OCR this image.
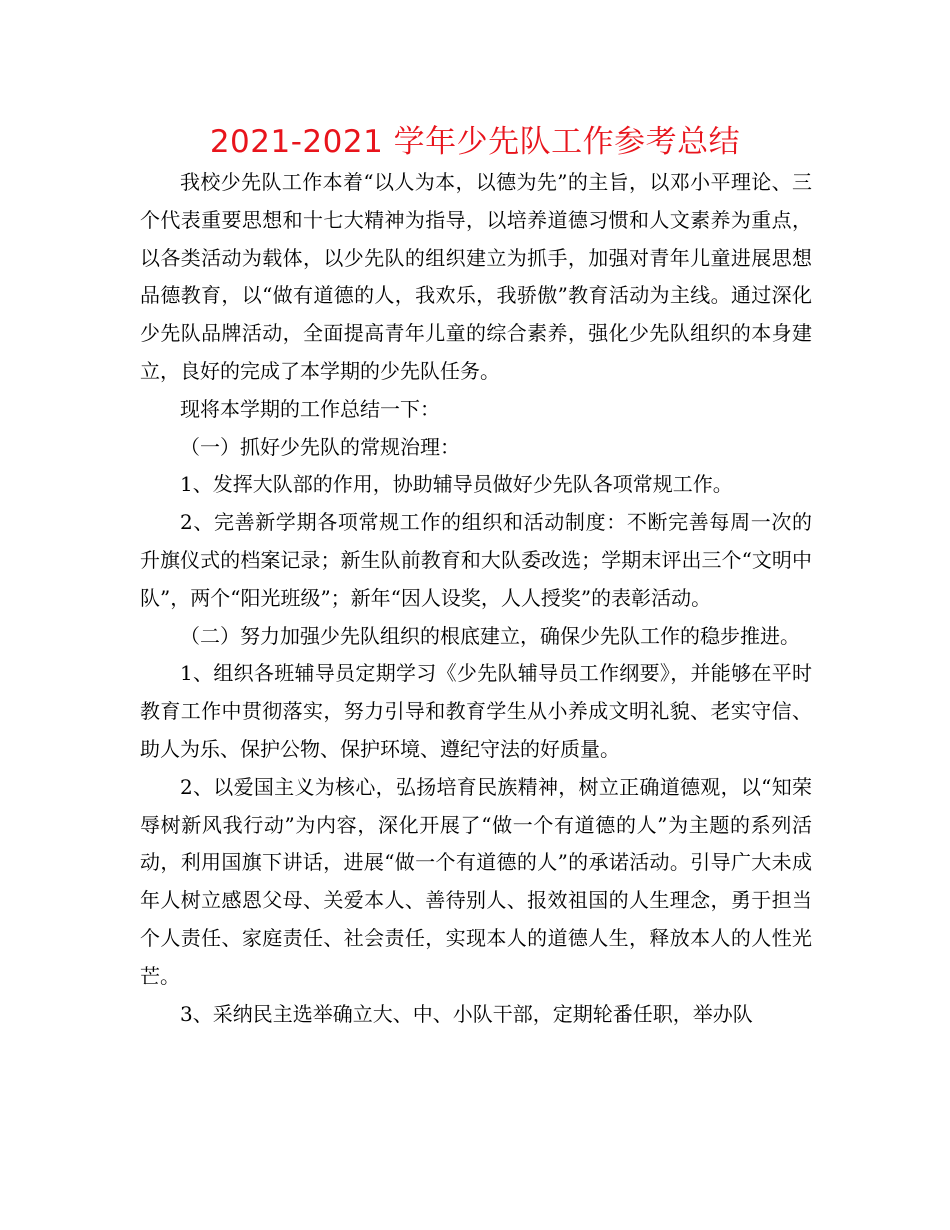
2021-2021 学年少先队工作参考总结

我校少先队工作本着“以人为本，以德为先”的主旨，以邓小平理论、三个代表重要思想和十七大精神为指导，以培养道德习惯和人文素养为重点，以各类活动为载体，以少先队的组织建立为抓手，加强对青年儿童进展思想品德教育，以“做有道德的人，我欢乐，我骄傲”教育活动为主线。通过深化少先队品牌活动，全面提高青年儿童的综合素养，强化少先队组织的本身建立，良好的完成了本学期的少先队任务。

现将本学期的工作总结一下：

（一）抓好少先队的常规治理：

1、发挥大队部的作用，协助辅导员做好少先队各项常规工作。

2、完善新学期各项常规工作的组织和活动制度：不断完善每周一次的升旗仪式的档案记录；新生队前教育和大队委改选；学期末评出三个“文明中队”，两个“阳光班级”；新年“因人设奖，人人授奖”的表彰活动。

（二）努力加强少先队组织的根底建立，确保少先队工作的稳步推进。

1、组织各班辅导员定期学习《少先队辅导员工作纲要》，并能够在平时教育工作中贯彻落实，努力引导和教育学生从小养成文明礼貌、老实守信、助人为乐、保护公物、保护环境、遵纪守法的好质量。

2、以爱国主义为核心，弘扬培育民族精神，树立正确道德观，以“知荣辱树新风我行动”为内容，深化开展了“做一个有道德的人”为主题的系列活动，利用国旗下讲话，进展“做一个有道德的人”的承诺活动。引导广大未成年人树立感恩父母、关爱本人、善待别人、报效祖国的人生理念，勇于担当个人责任、家庭责任、社会责任，实现本人的道德人生，释放本人的人性光芒。

3、采纳民主选举确立大、中、小队干部，定期轮番任职，举办队
